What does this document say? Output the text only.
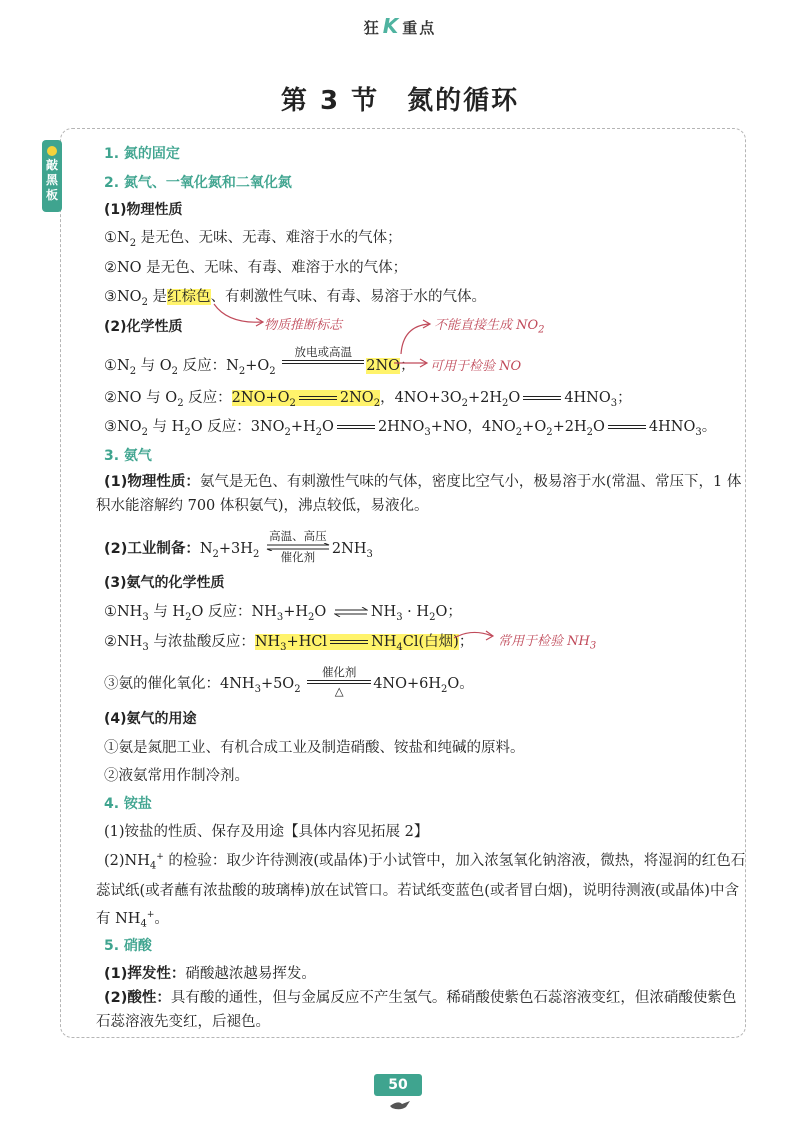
狂 K 重点
第 3 节 氮的循环
敲黑板
1. 氮的固定
2. 氮气、一氧化氮和二氧化氮
(1)物理性质
$①N_2$ 是无色、无味、无毒、难溶于水的气体；
②NO 是无色、无味、有毒、难溶于水的气体；
$③NO_2$ 是红棕色、有刺激性气味、有毒、易溶于水的气体。
(2)化学性质	物质推断标志	不能直接生成 $NO_2$
$①N_2$ 与 $O_2$ 反应：$N_2+O_2$
放电或高温

2NO； 可用于检验 NO
②NO 与 $O_2$ 反应：$2NO+O_2$	$2NO_2$，$4NO+3O_2+2H_2O$	$4HNO_3$；
$③NO_2$ 与 $H_2O$ 反应：$3NO_2+H_2O$	$2HNO_3+NO$，$4NO_2+O_2+2H_2O$	$4HNO_3$。
3. 氨气
(1)物理性质：氨气是无色、有刺激性气味的气体，密度比空气小，极易溶于水(常温、常压下，1 体积水能溶解约 700 体积氨气)，沸点较低，易液化。
(2)工业制备：$N_2+3H_2$
高温、高压
催化剂	$2NH_3$
(3)氨气的化学性质
$①NH_3$ 与 $H_2O$ 反应：$NH_3+H_2O$	$NH_3 \cdot H_2O$；
$②NH_3$ 与浓盐酸反应：$NH_3+HCl$	$NH_4Cl$(白烟)； 常用于检验 $NH_3$
③氨的催化氧化：$4NH_3+5O_2$
催化剂
△	$4NO+6H_2O$。
(4)氨气的用途
①氨是氮肥工业、有机合成工业及制造硝酸、铵盐和纯碱的原料。
②液氨常用作制冷剂。
4. 铵盐
(1)铵盐的性质、保存及用途【具体内容见拓展 2】
$(2)NH_4^+$ 的检验：取少许待测液(或晶体)于小试管中，加入浓氢氧化钠溶液，微热，将湿润的红色石蕊试纸(或者蘸有浓盐酸的玻璃棒)放在试管口。若试纸变蓝色(或者冒白烟)，说明待测液(或晶体)中含有 $NH_4^+$。
5. 硝酸
(1)挥发性：硝酸越浓越易挥发。
(2)酸性：具有酸的通性，但与金属反应不产生氢气。稀硝酸使紫色石蕊溶液变红，但浓硝酸使紫色石蕊溶液先变红，后褪色。
50
